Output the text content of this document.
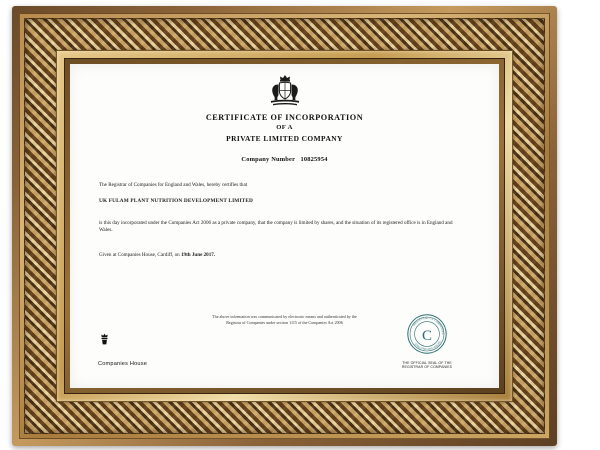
CERTIFICATE OF INCORPORATION
OF A
PRIVATE LIMITED COMPANY
Company Number 10825954
The Registrar of Companies for England and Wales, hereby certifies that
UK FULAM PLANT NUTRITION DEVELOPMENT LIMITED
is this day incorporated under the Companies Act 2006 as a private company, that the company is limited by shares, and the situation of its registered office is in England and Wales.
Given at Companies House, Cardiff, on 19th June 2017.
The above information was communicated by electronic means and authenticated by the
Registrar of Companies under section 1115 of the Companies Act 2006
Companies House
REGISTRAR OF COMPANIES
ENGLAND AND WALES
C
THE OFFICIAL SEAL OF THE
REGISTRAR OF COMPANIES
